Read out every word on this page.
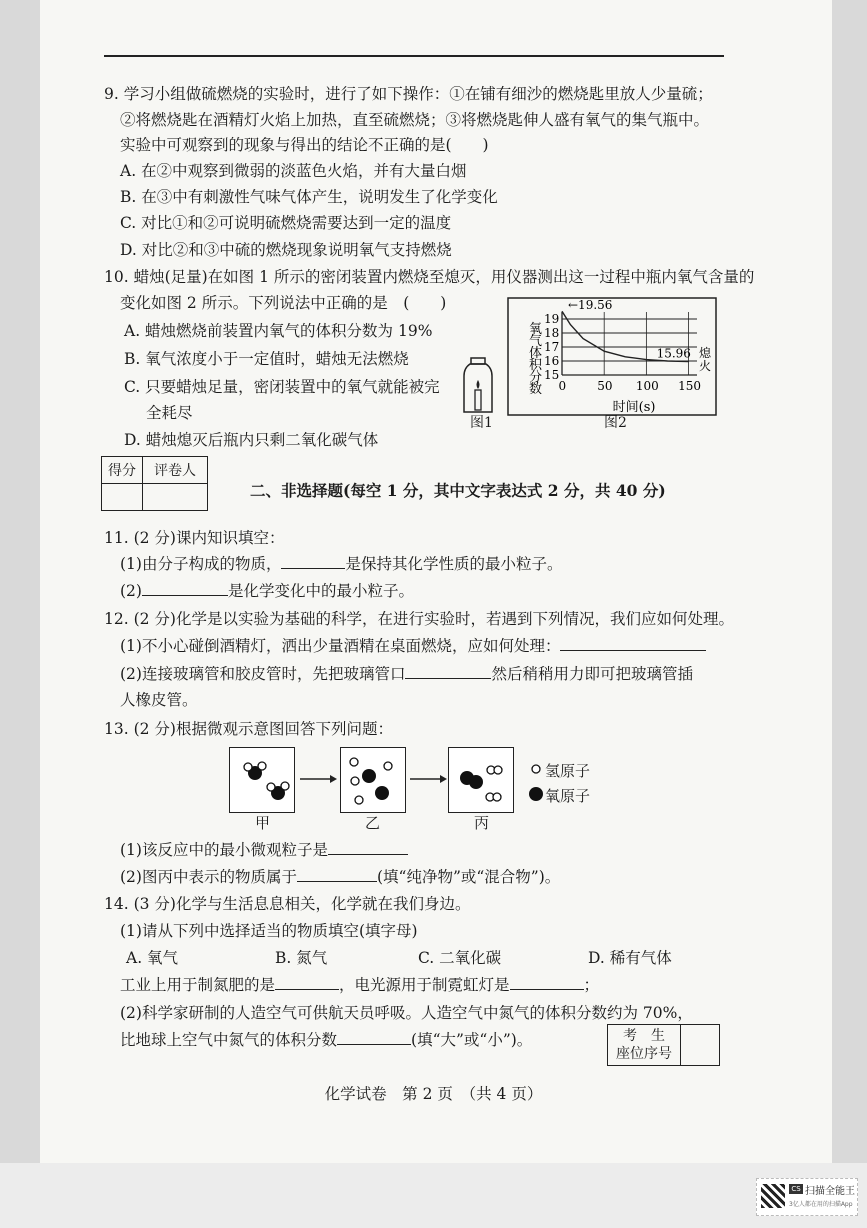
9. 学习小组做硫燃烧的实验时，进行了如下操作：①在铺有细沙的燃烧匙里放人少量硫；
②将燃烧匙在酒精灯火焰上加热，直至硫燃烧；③将燃烧匙伸人盛有氧气的集气瓶中。
实验中可观察到的现象与得出的结论不正确的是(　　)
A. 在②中观察到微弱的淡蓝色火焰，并有大量白烟
B. 在③中有刺激性气味气体产生，说明发生了化学变化
C. 对比①和②可说明硫燃烧需要达到一定的温度
D. 对比②和③中硫的燃烧现象说明氧气支持燃烧
10. 蜡烛(足量)在如图 1 所示的密闭装置内燃烧至熄灭，用仪器测出这一过程中瓶内氧气含量的
变化如图 2 所示。下列说法中正确的是　(　　)
A. 蜡烛燃烧前装置内氧气的体积分数为 19%
B. 氧气浓度小于一定值时，蜡烛无法燃烧
C. 只要蜡烛足量，密闭装置中的氧气就能被完
全耗尽
D. 蜡烛熄灭后瓶内只剩二氧化碳气体
图1
氧
气
体
积
分
数
15
16
17
18
19
0	50 100 150
←19.56
15.96 熄
火
时间(s)
图2
得分	评卷人

二、非选择题(每空 1 分，其中文字表达式 2 分，共 40 分)
11. (2 分)课内知识填空：
(1)由分子构成的物质，	是保持其化学性质的最小粒子。
(2)	是化学变化中的最小粒子。
12. (2 分)化学是以实验为基础的科学，在进行实验时，若遇到下列情况，我们应如何处理。
(1)不小心碰倒酒精灯，洒出少量酒精在桌面燃烧，应如何处理：
(2)连接玻璃管和胶皮管时，先把玻璃管口	然后稍稍用力即可把玻璃管插
人橡皮管。
13. (2 分)根据微观示意图回答下列问题：
甲	乙	丙
氢原子
氧原子
(1)该反应中的最小微观粒子是
(2)图丙中表示的物质属于	(填“纯净物”或“混合物”)。
14. (3 分)化学与生活息息相关，化学就在我们身边。
(1)请从下列中选择适当的物质填空(填字母)
A. 氧气	B. 氮气	C. 二氧化碳	D. 稀有气体
工业上用于制氮肥的是	，电光源用于制霓虹灯是	；
(2)科学家研制的人造空气可供航天员呼吸。人造空气中氮气的体积分数约为 70%，
比地球上空气中氮气的体积分数	(填“大”或“小”)。	考　生
座位序号	
化学试卷　第 2 页　（共 4 页）
CS 扫描全能王
3亿人都在用的扫描App
